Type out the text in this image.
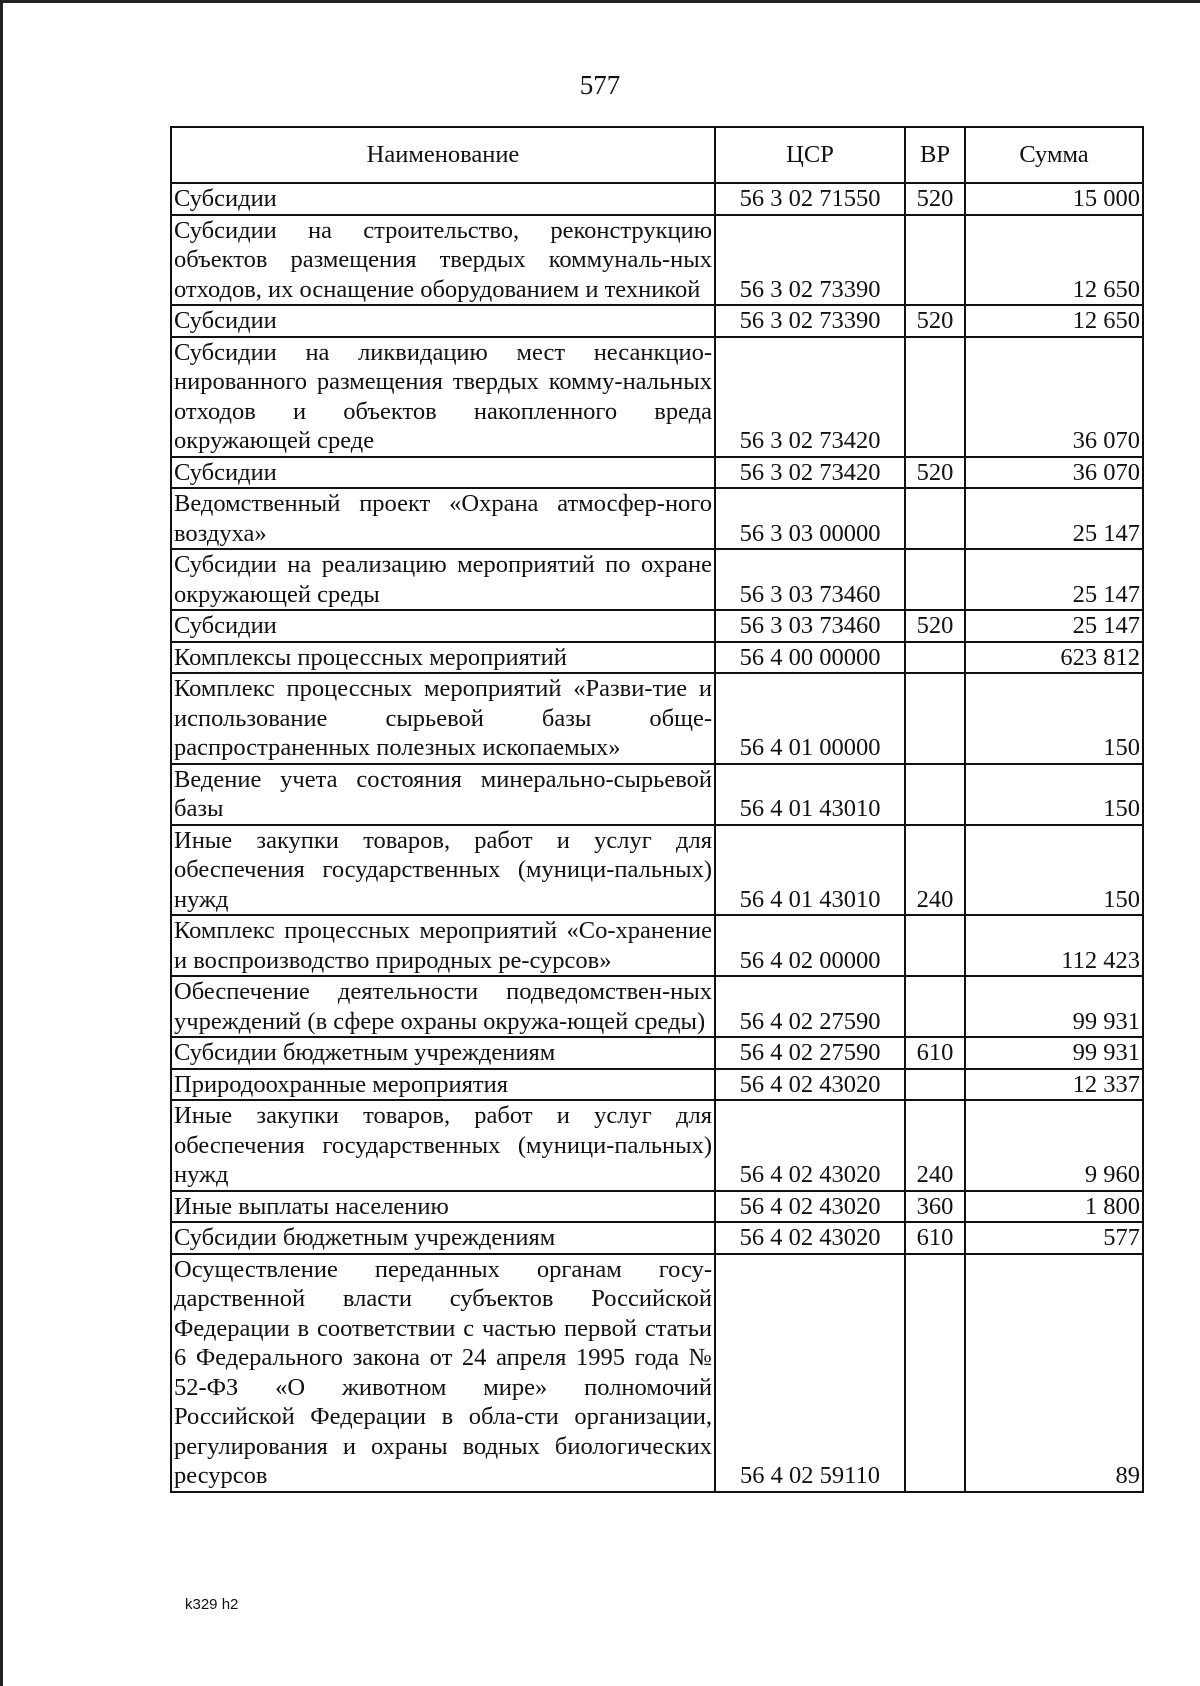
577
Наименование	ЦСР	ВР	Сумма
Субсидии	56 3 02 71550	520	15 000
Субсидии на строительство, реконструкцию объектов размещения твердых коммуналь-ных отходов, их оснащение оборудованием и техникой	56 3 02 73390		12 650
Субсидии	56 3 02 73390	520	12 650
Субсидии на ликвидацию мест несанкцио-нированного размещения твердых комму-нальных отходов и объектов накопленного вреда окружающей среде	56 3 02 73420		36 070
Субсидии	56 3 02 73420	520	36 070
Ведомственный проект «Охрана атмосфер-ного воздуха»	56 3 03 00000		25 147
Субсидии на реализацию мероприятий по охране окружающей среды	56 3 03 73460		25 147
Субсидии	56 3 03 73460	520	25 147
Комплексы процессных мероприятий	56 4 00 00000		623 812
Комплекс процессных мероприятий «Разви-тие и использование сырьевой базы обще-распространенных полезных ископаемых»	56 4 01 00000		150
Ведение учета состояния минерально-сырьевой базы	56 4 01 43010		150
Иные закупки товаров, работ и услуг для обеспечения государственных (муници-пальных) нужд	56 4 01 43010	240	150
Комплекс процессных мероприятий «Со-хранение и воспроизводство природных ре-сурсов»	56 4 02 00000		112 423
Обеспечение деятельности подведомствен-ных учреждений (в сфере охраны окружа-ющей среды)	56 4 02 27590		99 931
Субсидии бюджетным учреждениям	56 4 02 27590	610	99 931
Природоохранные мероприятия	56 4 02 43020		12 337
Иные закупки товаров, работ и услуг для обеспечения государственных (муници-пальных) нужд	56 4 02 43020	240	9 960
Иные выплаты населению	56 4 02 43020	360	1 800
Субсидии бюджетным учреждениям	56 4 02 43020	610	577
Осуществление переданных органам госу-дарственной власти субъектов Российской Федерации в соответствии с частью первой статьи 6 Федерального закона от 24 апреля 1995 года № 52-ФЗ «О животном мире» полномочий Российской Федерации в обла-сти организации, регулирования и охраны водных биологических ресурсов	56 4 02 59110		89
k329 h2
